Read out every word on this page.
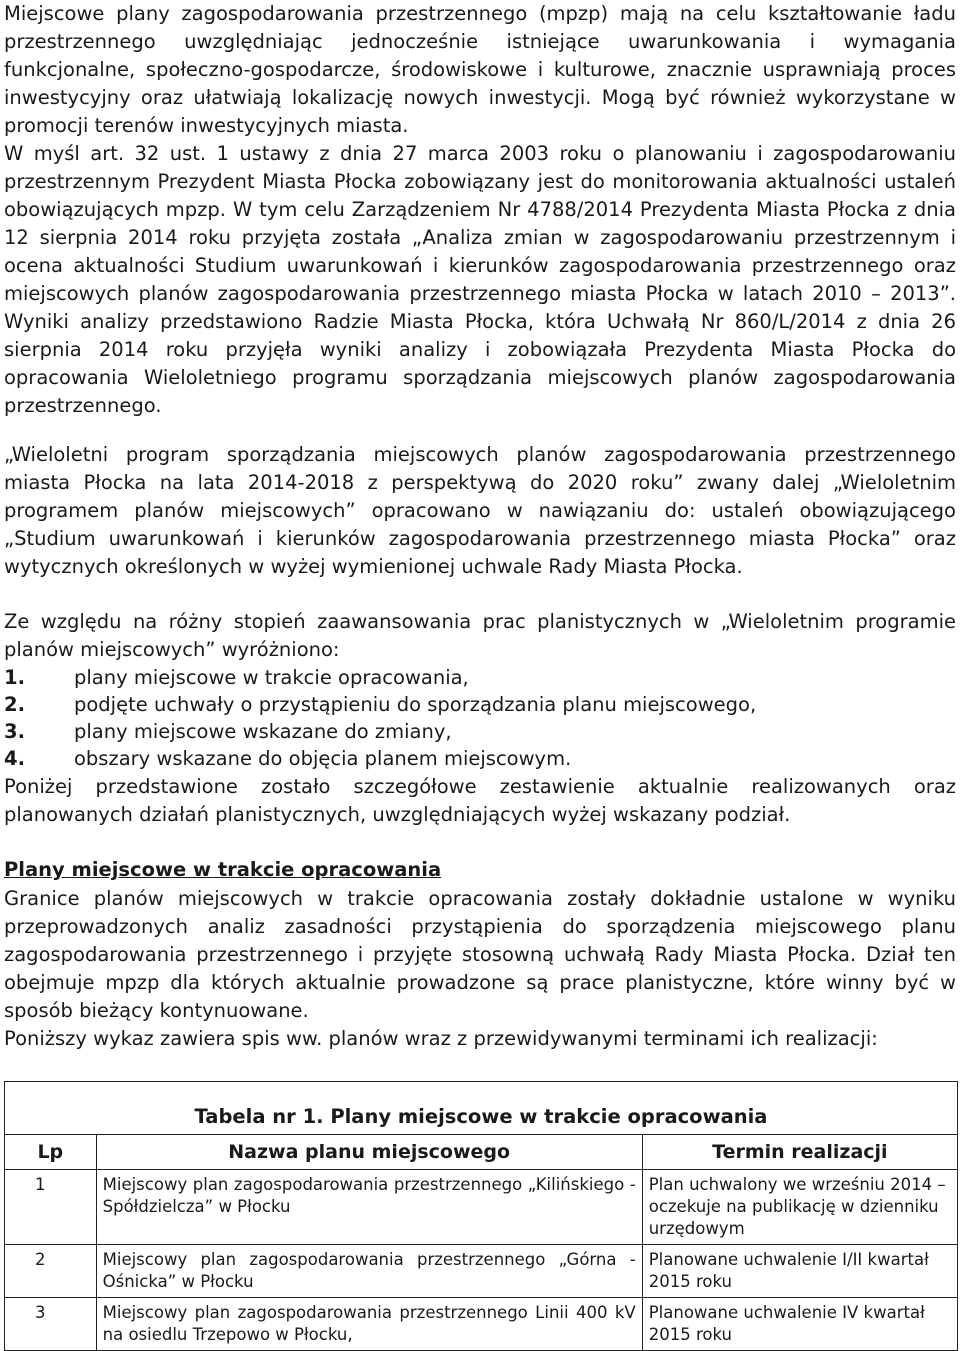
Miejscowe plany zagospodarowania przestrzennego (mpzp) mają na celu kształtowanie ładu przestrzennego uwzględniając jednocześnie istniejące uwarunkowania i wymagania funkcjonalne, społeczno-gospodarcze, środowiskowe i kulturowe, znacznie usprawniają proces inwestycyjny oraz ułatwiają lokalizację nowych inwestycji. Mogą być również wykorzystane w promocji terenów inwestycyjnych miasta.

W myśl art. 32 ust. 1 ustawy z dnia 27 marca 2003 roku o planowaniu i zagospodarowaniu przestrzennym Prezydent Miasta Płocka zobowiązany jest do monitorowania aktualności ustaleń obowiązujących mpzp. W tym celu Zarządzeniem Nr 4788/2014 Prezydenta Miasta Płocka z dnia 12 sierpnia 2014 roku przyjęta została „Analiza zmian w zagospodarowaniu przestrzennym i ocena aktualności Studium uwarunkowań i kierunków zagospodarowania przestrzennego oraz miejscowych planów zagospodarowania przestrzennego miasta Płocka w latach 2010 – 2013”. Wyniki analizy przedstawiono Radzie Miasta Płocka, która Uchwałą Nr 860/L/2014 z dnia 26 sierpnia 2014 roku przyjęła wyniki analizy i zobowiązała Prezydenta Miasta Płocka do opracowania Wieloletniego programu sporządzania miejscowych planów zagospodarowania przestrzennego.

„Wieloletni program sporządzania miejscowych planów zagospodarowania przestrzennego miasta Płocka na lata 2014-2018 z perspektywą do 2020 roku” zwany dalej „Wieloletnim programem planów miejscowych” opracowano w nawiązaniu do: ustaleń obowiązującego „Studium uwarunkowań i kierunków zagospodarowania przestrzennego miasta Płocka” oraz wytycznych określonych w wyżej wymienionej uchwale Rady Miasta Płocka.

Ze względu na różny stopień zaawansowania prac planistycznych w „Wieloletnim programie planów miejscowych” wyróżniono:

1.	plany miejscowe w trakcie opracowania,
2.	podjęte uchwały o przystąpieniu do sporządzania planu miejscowego,
3.	plany miejscowe wskazane do zmiany,
4.	obszary wskazane do objęcia planem miejscowym.

Poniżej przedstawione zostało szczegółowe zestawienie aktualnie realizowanych oraz planowanych działań planistycznych, uwzględniających wyżej wskazany podział.

Plany miejscowe w trakcie opracowania

Granice planów miejscowych w trakcie opracowania zostały dokładnie ustalone w wyniku przeprowadzonych analiz zasadności przystąpienia do sporządzenia miejscowego planu zagospodarowania przestrzennego i przyjęte stosowną uchwałą Rady Miasta Płocka. Dział ten obejmuje mpzp dla których aktualnie prowadzone są prace planistyczne, które winny być w sposób bieżący kontynuowane.

Poniższy wykaz zawiera spis ww. planów wraz z przewidywanymi terminami ich realizacji:

Tabela nr 1. Plany miejscowe w trakcie opracowania		
Lp	Nazwa planu miejscowego	Termin realizacji
1	Miejscowy plan zagospodarowania przestrzennego „Kilińskiego - Spółdzielcza” w Płocku	Plan uchwalony we wrześniu 2014 – oczekuje na publikację w dzienniku urzędowym
2	Miejscowy plan zagospodarowania przestrzennego „Górna - Ośnicka” w Płocku	Planowane uchwalenie I/II kwartał 2015 roku
3	Miejscowy plan zagospodarowania przestrzennego Linii 400 kV na osiedlu Trzepowo w Płocku,	Planowane uchwalenie IV kwartał 2015 roku
